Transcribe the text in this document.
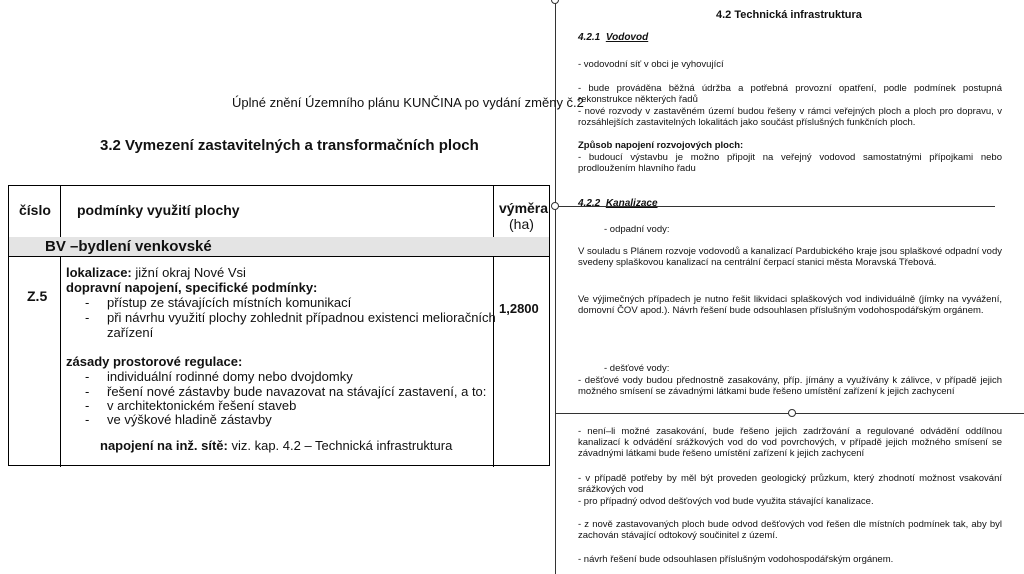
Úplné znění Územního plánu KUNČINA po vydání změny č.2
3.2 Vymezení zastavitelných a transformačních ploch
číslo podmínky využití plochy	výměra
(ha)
BV –bydlení venkovské
Z.5
1,2800
lokalizace: jižní okraj Nové Vsi
dopravní napojení, specifické podmínky:
- přístup ze stávajících místních komunikací
- při návrhu využití plochy zohlednit případnou existenci melioračních
zařízení
zásady prostorové regulace:
- individuální rodinné domy nebo dvojdomky
- řešení nové zástavby bude navazovat na stávající zastavení, a to:
- v architektonickém řešení staveb
- ve výškové hladině zástavby
napojení na inž. sítě: viz. kap. 4.2 – Technická infrastruktura
4.2 Technická infrastruktura
4.2.1 Vodovod
- vodovodní síť v obci je vyhovující
- bude prováděna běžná údržba a potřebná provozní opatření, podle podmínek postupná rekonstrukce některých řadů
- nové rozvody v zastavěném území budou řešeny v rámci veřejných ploch a ploch pro dopravu, v rozsáhlejších zastavitelných lokalitách jako součást příslušných funkčních ploch.
Způsob napojení rozvojových ploch:
- budoucí výstavbu je možno připojit na veřejný vodovod samostatnými přípojkami nebo prodloužením hlavního řadu
4.2.2 Kanalizace
- odpadní vody:
V souladu s Plánem rozvoje vodovodů a kanalizací Pardubického kraje jsou splaškové odpadní vody svedeny splaškovou kanalizací na centrální čerpací stanici města Moravská Třebová.
Ve výjimečných případech je nutno řešit likvidaci splaškových vod individuálně (jímky na vyvážení, domovní ČOV apod.). Návrh řešení bude odsouhlasen příslušným vodohospodářským orgánem.
- dešťové vody:
- dešťové vody budou přednostně zasakovány, příp. jímány a využívány k zálivce, v případě jejich možného smísení se závadnými látkami bude řešeno umístění zařízení k jejich zachycení
- není–li možné zasakování, bude řešeno jejich zadržování a regulované odvádění oddílnou kanalizací k odvádění srážkových vod do vod povrchových, v případě jejich možného smísení se závadnými látkami bude řešeno umístění zařízení k jejich zachycení
- v případě potřeby by měl být proveden geologický průzkum, který zhodnotí možnost vsakování srážkových vod
- pro případný odvod dešťových vod bude využita stávající kanalizace.
- z nově zastavovaných ploch bude odvod dešťových vod řešen dle místních podmínek tak, aby byl zachován stávající odtokový součinitel z území.
- návrh řešení bude odsouhlasen příslušným vodohospodářským orgánem.
